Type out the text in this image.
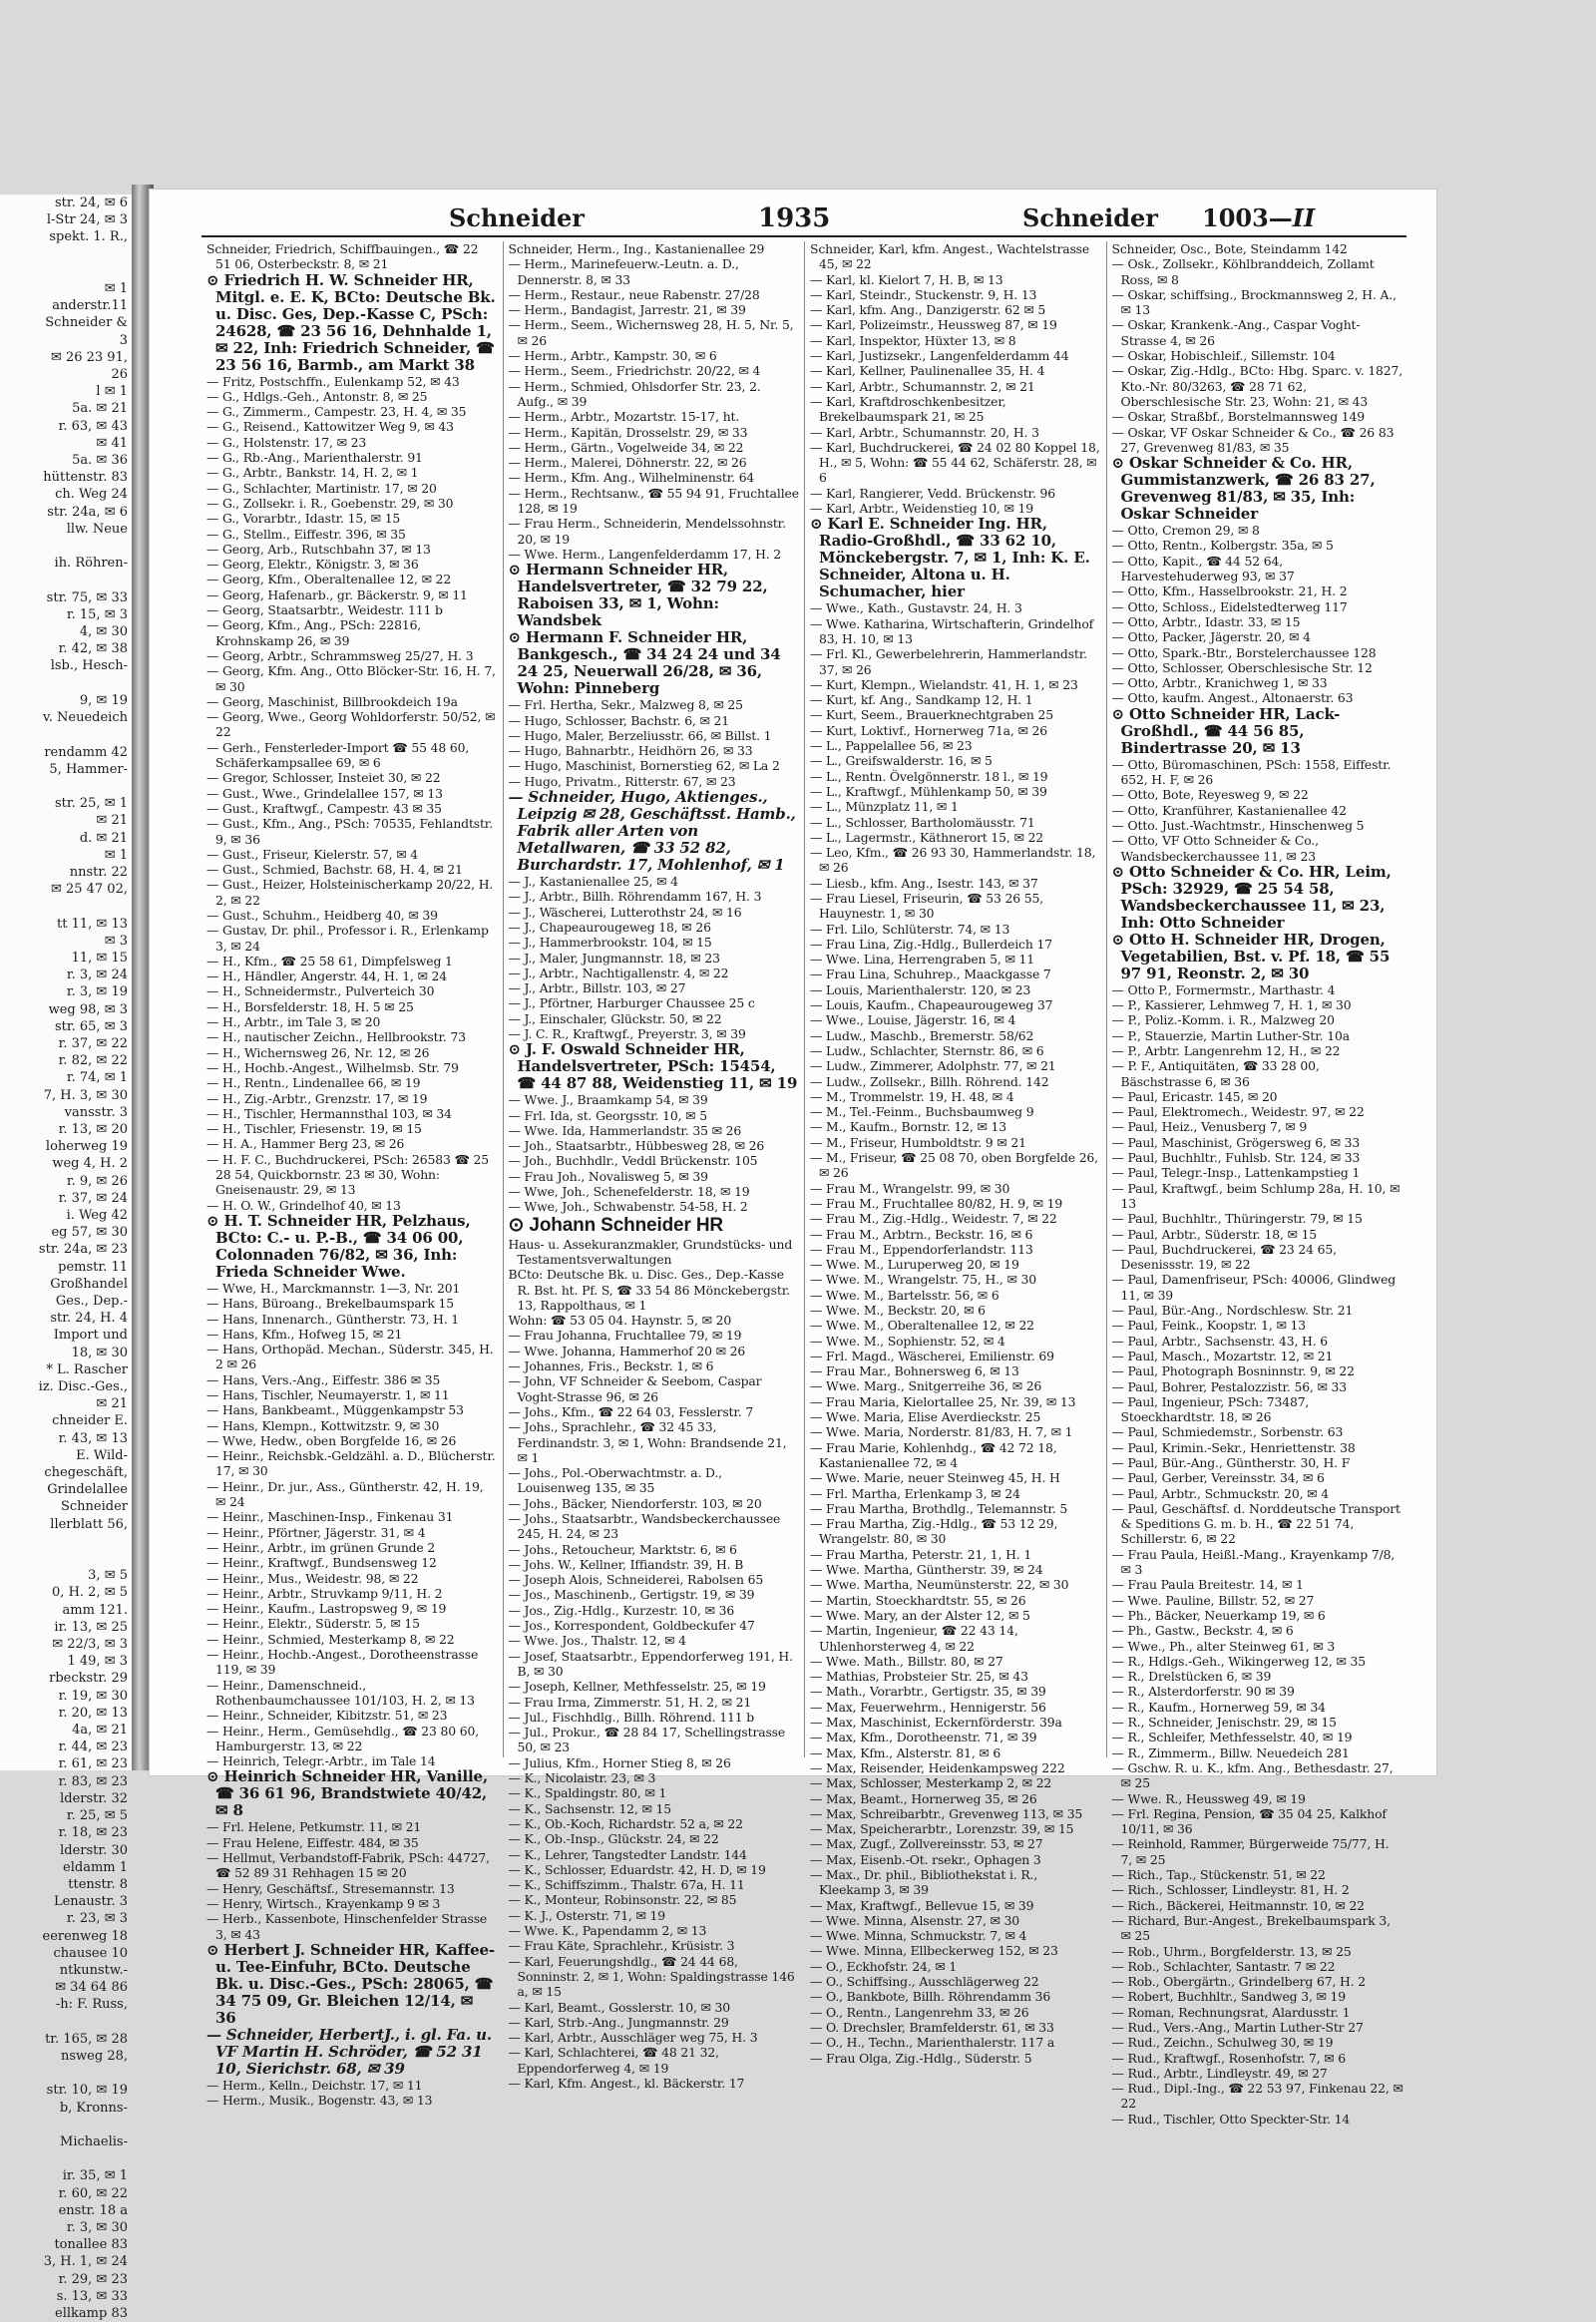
str. 24, ✉ 6
l-Str 24, ✉ 3
spekt. 1. R.,

✉ 1
anderstr.11
Schneider &
3
✉ 26 23 91,
26
l ✉ 1
5a. ✉ 21
r. 63, ✉ 43
✉ 41
5a. ✉ 36
hüttenstr. 83
ch. Weg 24
str. 24a, ✉ 6
llw. Neue

ih. Röhren-

str. 75, ✉ 33
r. 15, ✉ 3
4, ✉ 30
r. 42, ✉ 38
lsb., Hesch-

9, ✉ 19
v. Neuedeich

rendamm 42
5, Hammer-

str. 25, ✉ 1
✉ 21
d. ✉ 21
✉ 1
nnstr. 22
✉ 25 47 02,

tt 11, ✉ 13
✉ 3
11, ✉ 15
r. 3, ✉ 24
r. 3, ✉ 19
weg 98, ✉ 3
str. 65, ✉ 3
r. 37, ✉ 22
r. 82, ✉ 22
r. 74, ✉ 1
7, H. 3, ✉ 30
vansstr. 3
r. 13, ✉ 20
loherweg 19
weg 4, H. 2
r. 9, ✉ 26
r. 37, ✉ 24
i. Weg 42
eg 57, ✉ 30
str. 24a, ✉ 23
pemstr. 11
Großhandel
Ges., Dep.-
str. 24, H. 4
Import und
18, ✉ 30
* L. Rascher
iz. Disc.-Ges.,
✉ 21
chneider E.
r. 43, ✉ 13
E. Wild-
chegeschäft,
Grindelallee
Schneider
llerblatt 56,

3, ✉ 5
0, H. 2, ✉ 5
amm 121.
ir. 13, ✉ 25
✉ 22/3, ✉ 3
1 49, ✉ 3
rbeckstr. 29
r. 19, ✉ 30
r. 20, ✉ 13
4a, ✉ 21
r. 44, ✉ 23
r. 61, ✉ 23
r. 83, ✉ 23
lderstr. 32
r. 25, ✉ 5
r. 18, ✉ 23
lderstr. 30
eldamm 1
ttenstr. 8
Lenaustr. 3
r. 23, ✉ 3
eerenweg 18
chausee 10
ntkunstw.-
✉ 34 64 86
-h: F. Russ,

tr. 165, ✉ 28
nsweg 28,

str. 10, ✉ 19
b, Kronns-

Michaelis-

ir. 35, ✉ 1
r. 60, ✉ 22
enstr. 18 a
r. 3, ✉ 30
tonallee 83
3, H. 1, ✉ 24
r. 29, ✉ 23
s. 13, ✉ 33
ellkamp 83
Schneider	1935	Schneider 1003—II
Schneider, Friedrich, Schiffbauingen., ☎ 22 51 06, Osterbeckstr. 8, ✉ 21
⊙ Friedrich H. W. Schneider HR, Mitgl. e. E. K, BCto: Deutsche Bk. u. Disc. Ges, Dep.-Kasse C, PSch: 24628, ☎ 23 56 16, Dehnhalde 1, ✉ 22, Inh: Friedrich Schneider, ☎ 23 56 16, Barmb., am Markt 38
— Fritz, Postschffn., Eulenkamp 52, ✉ 43
— G., Hdlgs.-Geh., Antonstr. 8, ✉ 25
— G., Zimmerm., Campestr. 23, H. 4, ✉ 35
— G., Reisend., Kattowitzer Weg 9, ✉ 43
— G., Holstenstr. 17, ✉ 23
— G., Rb.-Ang., Marienthalerstr. 91
— G., Arbtr., Bankstr. 14, H. 2, ✉ 1
— G., Schlachter, Martinistr. 17, ✉ 20
— G., Zollsekr. i. R., Goebenstr. 29, ✉ 30
— G., Vorarbtr., Idastr. 15, ✉ 15
— G., Stellm., Eiffestr. 396, ✉ 35
— Georg, Arb., Rutschbahn 37, ✉ 13
— Georg, Elektr., Königstr. 3, ✉ 36
— Georg, Kfm., Oberaltenallee 12, ✉ 22
— Georg, Hafenarb., gr. Bäckerstr. 9, ✉ 11
— Georg, Staatsarbtr., Weidestr. 111 b
— Georg, Kfm., Ang., PSch: 22816, Krohnskamp 26, ✉ 39
— Georg, Arbtr., Schrammsweg 25/27, H. 3
— Georg, Kfm. Ang., Otto Blöcker-Str. 16, H. 7, ✉ 30
— Georg, Maschinist, Billbrookdeich 19a
— Georg, Wwe., Georg Wohldorferstr. 50/52, ✉ 22
— Gerh., Fensterleder-Import ☎ 55 48 60, Schäferkampsallee 69, ✉ 6
— Gregor, Schlosser, Insteiet 30, ✉ 22
— Gust., Wwe., Grindelallee 157, ✉ 13
— Gust., Kraftwgf., Campestr. 43 ✉ 35
— Gust., Kfm., Ang., PSch: 70535, Fehlandtstr. 9, ✉ 36
— Gust., Friseur, Kielerstr. 57, ✉ 4
— Gust., Schmied, Bachstr. 68, H. 4, ✉ 21
— Gust., Heizer, Holsteinischerkamp 20/22, H. 2, ✉ 22
— Gust., Schuhm., Heidberg 40, ✉ 39
— Gustav, Dr. phil., Professor i. R., Erlenkamp 3, ✉ 24
— H., Kfm., ☎ 25 58 61, Dimpfelsweg 1
— H., Händler, Angerstr. 44, H. 1, ✉ 24
— H., Schneidermstr., Pulverteich 30
— H., Borsfelderstr. 18, H. 5 ✉ 25
— H., Arbtr., im Tale 3, ✉ 20
— H., nautischer Zeichn., Hellbrookstr. 73
— H., Wichernsweg 26, Nr. 12, ✉ 26
— H., Hochb.-Angest., Wilhelmsb. Str. 79
— H., Rentn., Lindenallee 66, ✉ 19
— H., Zig.-Arbtr., Grenzstr. 17, ✉ 19
— H., Tischler, Hermannsthal 103, ✉ 34
— H., Tischler, Friesenstr. 19, ✉ 15
— H. A., Hammer Berg 23, ✉ 26
— H. F. C., Buchdruckerei, PSch: 26583 ☎ 25 28 54, Quickbornstr. 23 ✉ 30, Wohn: Gneisenaustr. 29, ✉ 13
— H. O. W., Grindelhof 40, ✉ 13
⊙ H. T. Schneider HR, Pelzhaus, BCto: C.- u. P.-B., ☎ 34 06 00, Colonnaden 76/82, ✉ 36, Inh: Frieda Schneider Wwe.
— Wwe, H., Marckmannstr. 1—3, Nr. 201
— Hans, Büroang., Brekelbaumspark 15
— Hans, Innenarch., Güntherstr. 73, H. 1
— Hans, Kfm., Hofweg 15, ✉ 21
— Hans, Orthopäd. Mechan., Süderstr. 345, H. 2 ✉ 26
— Hans, Vers.-Ang., Eiffestr. 386 ✉ 35
— Hans, Tischler, Neumayerstr. 1, ✉ 11
— Hans, Bankbeamt., Müggenkampstr 53
— Hans, Klempn., Kottwitzstr. 9, ✉ 30
— Wwe, Hedw., oben Borgfelde 16, ✉ 26
— Heinr., Reichsbk.-Geldzähl. a. D., Blücherstr. 17, ✉ 30
— Heinr., Dr. jur., Ass., Güntherstr. 42, H. 19, ✉ 24
— Heinr., Maschinen-Insp., Finkenau 31
— Heinr., Pförtner, Jägerstr. 31, ✉ 4
— Heinr., Arbtr., im grünen Grunde 2
— Heinr., Kraftwgf., Bundsensweg 12
— Heinr., Mus., Weidestr. 98, ✉ 22
— Heinr., Arbtr., Struvkamp 9/11, H. 2
— Heinr., Kaufm., Lastropsweg 9, ✉ 19
— Heinr., Elektr., Süderstr. 5, ✉ 15
— Heinr., Schmied, Mesterkamp 8, ✉ 22
— Heinr., Hochb.-Angest., Dorotheenstrasse 119, ✉ 39
— Heinr., Damenschneid., Rothenbaumchaussee 101/103, H. 2, ✉ 13
— Heinr., Schneider, Kibitzstr. 51, ✉ 23
— Heinr., Herm., Gemüsehdlg., ☎ 23 80 60, Hamburgerstr. 13, ✉ 22
— Heinrich, Telegr.-Arbtr., im Tale 14
⊙ Heinrich Schneider HR, Vanille, ☎ 36 61 96, Brandstwiete 40/42, ✉ 8
— Frl. Helene, Petkumstr. 11, ✉ 21
— Frau Helene, Eiffestr. 484, ✉ 35
— Hellmut, Verbandstoff-Fabrik, PSch: 44727, ☎ 52 89 31 Rehhagen 15 ✉ 20
— Henry, Geschäftsf., Stresemannstr. 13
— Henry, Wirtsch., Krayenkamp 9 ✉ 3
— Herb., Kassenbote, Hinschenfelder Strasse 3, ✉ 43
⊙ Herbert J. Schneider HR, Kaffee- u. Tee-Einfuhr, BCto. Deutsche Bk. u. Disc.-Ges., PSch: 28065, ☎ 34 75 09, Gr. Bleichen 12/14, ✉ 36
— Schneider, HerbertJ., i. gl. Fa. u. VF Martin H. Schröder, ☎ 52 31 10, Sierichstr. 68, ✉ 39
— Herm., Kelln., Deichstr. 17, ✉ 11
— Herm., Musik., Bogenstr. 43, ✉ 13
Schneider, Herm., Ing., Kastanienallee 29
— Herm., Marinefeuerw.-Leutn. a. D., Dennerstr. 8, ✉ 33
— Herm., Restaur., neue Rabenstr. 27/28
— Herm., Bandagist, Jarrestr. 21, ✉ 39
— Herm., Seem., Wichernsweg 28, H. 5, Nr. 5, ✉ 26
— Herm., Arbtr., Kampstr. 30, ✉ 6
— Herm., Seem., Friedrichstr. 20/22, ✉ 4
— Herm., Schmied, Ohlsdorfer Str. 23, 2. Aufg., ✉ 39
— Herm., Arbtr., Mozartstr. 15-17, ht.
— Herm., Kapitän, Drosselstr. 29, ✉ 33
— Herm., Gärtn., Vogelweide 34, ✉ 22
— Herm., Malerei, Döhnerstr. 22, ✉ 26
— Herm., Kfm. Ang., Wilhelminenstr. 64
— Herm., Rechtsanw., ☎ 55 94 91, Fruchtallee 128, ✉ 19
— Frau Herm., Schneiderin, Mendelssohnstr. 20, ✉ 19
— Wwe. Herm., Langenfelderdamm 17, H. 2
⊙ Hermann Schneider HR, Handelsvertreter, ☎ 32 79 22, Raboisen 33, ✉ 1, Wohn: Wandsbek
⊙ Hermann F. Schneider HR, Bankgesch., ☎ 34 24 24 und 34 24 25, Neuerwall 26/28, ✉ 36, Wohn: Pinneberg
— Frl. Hertha, Sekr., Malzweg 8, ✉ 25
— Hugo, Schlosser, Bachstr. 6, ✉ 21
— Hugo, Maler, Berzeliusstr. 66, ✉ Billst. 1
— Hugo, Bahnarbtr., Heidhörn 26, ✉ 33
— Hugo, Maschinist, Bornerstieg 62, ✉ La 2
— Hugo, Privatm., Ritterstr. 67, ✉ 23
— Schneider, Hugo, Aktienges., Leipzig ✉ 28, Geschäftsst. Hamb., Fabrik aller Arten von Metallwaren, ☎ 33 52 82, Burchardstr. 17, Mohlenhof, ✉ 1
— J., Kastanienallee 25, ✉ 4
— J., Arbtr., Billh. Röhrendamm 167, H. 3
— J., Wäscherei, Lutterothstr 24, ✉ 16
— J., Chapeaurougeweg 18, ✉ 26
— J., Hammerbrookstr. 104, ✉ 15
— J., Maler, Jungmannstr. 18, ✉ 23
— J., Arbtr., Nachtigallenstr. 4, ✉ 22
— J., Arbtr., Billstr. 103, ✉ 27
— J., Pförtner, Harburger Chaussee 25 c
— J., Einschaler, Glückstr. 50, ✉ 22
— J. C. R., Kraftwgf., Preyerstr. 3, ✉ 39
⊙ J. F. Oswald Schneider HR, Handelsvertreter, PSch: 15454, ☎ 44 87 88, Weidenstieg 11, ✉ 19
— Wwe. J., Braamkamp 54, ✉ 39
— Frl. Ida, st. Georgsstr. 10, ✉ 5
— Wwe. Ida, Hammerlandstr. 35 ✉ 26
— Joh., Staatsarbtr., Hübbesweg 28, ✉ 26
— Joh., Buchhdlr., Veddl Brückenstr. 105
— Frau Joh., Novalisweg 5, ✉ 39
— Wwe, Joh., Schenefelderstr. 18, ✉ 19
— Wwe, Joh., Schwabenstr. 54-58, H. 2
⊙ Johann Schneider HR
Haus- u. Assekuranzmakler, Grundstücks- und Testamentsverwaltungen
BCto: Deutsche Bk. u. Disc. Ges., Dep.-Kasse R. Bst. ht. Pf. S, ☎ 33 54 86 Mönckebergstr. 13, Rappolthaus, ✉ 1
Wohn: ☎ 53 05 04. Haynstr. 5, ✉ 20
— Frau Johanna, Fruchtallee 79, ✉ 19
— Wwe. Johanna, Hammerhof 20 ✉ 26
— Johannes, Fris., Beckstr. 1, ✉ 6
— John, VF Schneider & Seebom, Caspar Voght-Strasse 96, ✉ 26
— Johs., Kfm., ☎ 22 64 03, Fesslerstr. 7
— Johs., Sprachlehr., ☎ 32 45 33, Ferdinandstr. 3, ✉ 1, Wohn: Brandsende 21, ✉ 1
— Johs., Pol.-Oberwachtmstr. a. D., Louisenweg 135, ✉ 35
— Johs., Bäcker, Niendorferstr. 103, ✉ 20
— Johs., Staatsarbtr., Wandsbeckerchaussee 245, H. 24, ✉ 23
— Johs., Retoucheur, Marktstr. 6, ✉ 6
— Johs. W., Kellner, Iffiandstr. 39, H. B
— Joseph Alois, Schneiderei, Rabolsen 65
— Jos., Maschinenb., Gertigstr. 19, ✉ 39
— Jos., Zig.-Hdlg., Kurzestr. 10, ✉ 36
— Jos., Korrespondent, Goldbeckufer 47
— Wwe. Jos., Thalstr. 12, ✉ 4
— Josef, Staatsarbtr., Eppendorferweg 191, H. B, ✉ 30
— Joseph, Kellner, Methfesselstr. 25, ✉ 19
— Frau Irma, Zimmerstr. 51, H. 2, ✉ 21
— Jul., Fischhdlg., Billh. Röhrend. 111 b
— Jul., Prokur., ☎ 28 84 17, Schellingstrasse 50, ✉ 23
— Julius, Kfm., Horner Stieg 8, ✉ 26
— K., Nicolaistr. 23, ✉ 3
— K., Spaldingstr. 80, ✉ 1
— K., Sachsenstr. 12, ✉ 15
— K., Ob.-Koch, Richardstr. 52 a, ✉ 22
— K., Ob.-Insp., Glückstr. 24, ✉ 22
— K., Lehrer, Tangstedter Landstr. 144
— K., Schlosser, Eduardstr. 42, H. D, ✉ 19
— K., Schiffszimm., Thalstr. 67a, H. 11
— K., Monteur, Robinsonstr. 22, ✉ 85
— K. J., Osterstr. 71, ✉ 19
— Wwe. K., Papendamm 2, ✉ 13
— Frau Käte, Sprachlehr., Krüsistr. 3
— Karl, Feuerungshdlg., ☎ 24 44 68, Sonninstr. 2, ✉ 1, Wohn: Spaldingstrasse 146 a, ✉ 15
— Karl, Beamt., Gosslerstr. 10, ✉ 30
— Karl, Strb.-Ang., Jungmannstr. 29
— Karl, Arbtr., Ausschläger weg 75, H. 3
— Karl, Schlachterei, ☎ 48 21 32, Eppendorferweg 4, ✉ 19
— Karl, Kfm. Angest., kl. Bäckerstr. 17
Schneider, Karl, kfm. Angest., Wachtelstrasse 45, ✉ 22
— Karl, kl. Kielort 7, H. B, ✉ 13
— Karl, Steindr., Stuckenstr. 9, H. 13
— Karl, kfm. Ang., Danzigerstr. 62 ✉ 5
— Karl, Polizeimstr., Heussweg 87, ✉ 19
— Karl, Inspektor, Hüxter 13, ✉ 8
— Karl, Justizsekr., Langenfelderdamm 44
— Karl, Kellner, Paulinenallee 35, H. 4
— Karl, Arbtr., Schumannstr. 2, ✉ 21
— Karl, Kraftdroschkenbesitzer, Brekelbaumspark 21, ✉ 25
— Karl, Arbtr., Schumannstr. 20, H. 3
— Karl, Buchdruckerei, ☎ 24 02 80 Koppel 18, H., ✉ 5, Wohn: ☎ 55 44 62, Schäferstr. 28, ✉ 6
— Karl, Rangierer, Vedd. Brückenstr. 96
— Karl, Arbtr., Weidenstieg 10, ✉ 19
⊙ Karl E. Schneider Ing. HR, Radio-Großhdl., ☎ 33 62 10, Mönckebergstr. 7, ✉ 1, Inh: K. E. Schneider, Altona u. H. Schumacher, hier
— Wwe., Kath., Gustavstr. 24, H. 3
— Wwe. Katharina, Wirtschafterin, Grindelhof 83, H. 10, ✉ 13
— Frl. Kl., Gewerbelehrerin, Hammerlandstr. 37, ✉ 26
— Kurt, Klempn., Wielandstr. 41, H. 1, ✉ 23
— Kurt, kf. Ang., Sandkamp 12, H. 1
— Kurt, Seem., Brauerknechtgraben 25
— Kurt, Loktivf., Hornerweg 71a, ✉ 26
— L., Pappelallee 56, ✉ 23
— L., Greifswalderstr. 16, ✉ 5
— L., Rentn. Övelgönnerstr. 18 l., ✉ 19
— L., Kraftwgf., Mühlenkamp 50, ✉ 39
— L., Münzplatz 11, ✉ 1
— L., Schlosser, Bartholomäusstr. 71
— L., Lagermstr., Käthnerort 15, ✉ 22
— Leo, Kfm., ☎ 26 93 30, Hammerlandstr. 18, ✉ 26
— Liesb., kfm. Ang., Isestr. 143, ✉ 37
— Frau Liesel, Friseurin, ☎ 53 26 55, Hauynestr. 1, ✉ 30
— Frl. Lilo, Schlüterstr. 74, ✉ 13
— Frau Lina, Zig.-Hdlg., Bullerdeich 17
— Wwe. Lina, Herrengraben 5, ✉ 11
— Frau Lina, Schuhrep., Maackgasse 7
— Louis, Marienthalerstr. 120, ✉ 23
— Louis, Kaufm., Chapeaurougeweg 37
— Wwe., Louise, Jägerstr. 16, ✉ 4
— Ludw., Maschb., Bremerstr. 58/62
— Ludw., Schlachter, Sternstr. 86, ✉ 6
— Ludw., Zimmerer, Adolphstr. 77, ✉ 21
— Ludw., Zollsekr., Billh. Röhrend. 142
— M., Trommelstr. 19, H. 48, ✉ 4
— M., Tel.-Feinm., Buchsbaumweg 9
— M., Kaufm., Bornstr. 12, ✉ 13
— M., Friseur, Humboldtstr. 9 ✉ 21
— M., Friseur, ☎ 25 08 70, oben Borgfelde 26, ✉ 26
— Frau M., Wrangelstr. 99, ✉ 30
— Frau M., Fruchtallee 80/82, H. 9, ✉ 19
— Frau M., Zig.-Hdlg., Weidestr. 7, ✉ 22
— Frau M., Arbtrn., Beckstr. 16, ✉ 6
— Frau M., Eppendorferlandstr. 113
— Wwe. M., Luruperweg 20, ✉ 19
— Wwe. M., Wrangelstr. 75, H., ✉ 30
— Wwe. M., Bartelsstr. 56, ✉ 6
— Wwe. M., Beckstr. 20, ✉ 6
— Wwe. M., Oberaltenallee 12, ✉ 22
— Wwe. M., Sophienstr. 52, ✉ 4
— Frl. Magd., Wäscherei, Emilienstr. 69
— Frau Mar., Bohnersweg 6, ✉ 13
— Wwe. Marg., Snitgerreihe 36, ✉ 26
— Frau Maria, Kielortallee 25, Nr. 39, ✉ 13
— Wwe. Maria, Elise Averdieckstr. 25
— Wwe. Maria, Norderstr. 81/83, H. 7, ✉ 1
— Frau Marie, Kohlenhdg., ☎ 42 72 18, Kastanienallee 72, ✉ 4
— Wwe. Marie, neuer Steinweg 45, H. H
— Frl. Martha, Erlenkamp 3, ✉ 24
— Frau Martha, Brothdlg., Telemannstr. 5
— Frau Martha, Zig.-Hdlg., ☎ 53 12 29, Wrangelstr. 80, ✉ 30
— Frau Martha, Peterstr. 21, 1, H. 1
— Wwe. Martha, Güntherstr. 39, ✉ 24
— Wwe. Martha, Neumünsterstr. 22, ✉ 30
— Martin, Stoeckhardtstr. 55, ✉ 26
— Wwe. Mary, an der Alster 12, ✉ 5
— Martin, Ingenieur, ☎ 22 43 14, Uhlenhorsterweg 4, ✉ 22
— Wwe. Math., Billstr. 80, ✉ 27
— Mathias, Probsteier Str. 25, ✉ 43
— Math., Vorarbtr., Gertigstr. 35, ✉ 39
— Max, Feuerwehrm., Hennigerstr. 56
— Max, Maschinist, Eckernförderstr. 39a
— Max, Kfm., Dorotheenstr. 71, ✉ 39
— Max, Kfm., Alsterstr. 81, ✉ 6
— Max, Reisender, Heidenkampsweg 222
— Max, Schlosser, Mesterkamp 2, ✉ 22
— Max, Beamt., Hornerweg 35, ✉ 26
— Max, Schreibarbtr., Grevenweg 113, ✉ 35
— Max, Speicherarbtr., Lorenzstr. 39, ✉ 15
— Max, Zugf., Zollvereinsstr. 53, ✉ 27
— Max, Eisenb.-Ot. rsekr., Ophagen 3
— Max., Dr. phil., Bibliothekstat i. R., Kleekamp 3, ✉ 39
— Max, Kraftwgf., Bellevue 15, ✉ 39
— Wwe. Minna, Alsenstr. 27, ✉ 30
— Wwe. Minna, Schmuckstr. 7, ✉ 4
— Wwe. Minna, Ellbeckerweg 152, ✉ 23
— O., Eckhofstr. 24, ✉ 1
— O., Schiffsing., Ausschlägerweg 22
— O., Bankbote, Billh. Röhrendamm 36
— O., Rentn., Langenrehm 33, ✉ 26
— O. Drechsler, Bramfelderstr. 61, ✉ 33
— O., H., Techn., Marienthalerstr. 117 a
— Frau Olga, Zig.-Hdlg., Süderstr. 5
Schneider, Osc., Bote, Steindamm 142
— Osk., Zollsekr., Köhlbranddeich, Zollamt Ross, ✉ 8
— Oskar, schiffsing., Brockmannsweg 2, H. A., ✉ 13
— Oskar, Krankenk.-Ang., Caspar Voght-Strasse 4, ✉ 26
— Oskar, Hobischleif., Sillemstr. 104
— Oskar, Zig.-Hdlg., BCto: Hbg. Sparc. v. 1827, Kto.-Nr. 80/3263, ☎ 28 71 62, Oberschlesische Str. 23, Wohn: 21, ✉ 43
— Oskar, Straßbf., Borstelmannsweg 149
— Oskar, VF Oskar Schneider & Co., ☎ 26 83 27, Grevenweg 81/83, ✉ 35
⊙ Oskar Schneider & Co. HR, Gummistanzwerk, ☎ 26 83 27, Grevenweg 81/83, ✉ 35, Inh: Oskar Schneider
— Otto, Cremon 29, ✉ 8
— Otto, Rentn., Kolbergstr. 35a, ✉ 5
— Otto, Kapit., ☎ 44 52 64, Harvestehuderweg 93, ✉ 37
— Otto, Kfm., Hasselbrookstr. 21, H. 2
— Otto, Schloss., Eidelstedterweg 117
— Otto, Arbtr., Idastr. 33, ✉ 15
— Otto, Packer, Jägerstr. 20, ✉ 4
— Otto, Spark.-Btr., Borstelerchaussee 128
— Otto, Schlosser, Oberschlesische Str. 12
— Otto, Arbtr., Kranichweg 1, ✉ 33
— Otto, kaufm. Angest., Altonaerstr. 63
⊙ Otto Schneider HR, Lack-Großhdl., ☎ 44 56 85, Bindertrasse 20, ✉ 13
— Otto, Büromaschinen, PSch: 1558, Eiffestr. 652, H. F, ✉ 26
— Otto, Bote, Reyesweg 9, ✉ 22
— Otto, Kranführer, Kastanienallee 42
— Otto. Just.-Wachtmstr., Hinschenweg 5
— Otto, VF Otto Schneider & Co., Wandsbeckerchaussee 11, ✉ 23
⊙ Otto Schneider & Co. HR, Leim, PSch: 32929, ☎ 25 54 58, Wandsbeckerchaussee 11, ✉ 23, Inh: Otto Schneider
⊙ Otto H. Schneider HR, Drogen, Vegetabilien, Bst. v. Pf. 18, ☎ 55 97 91, Reonstr. 2, ✉ 30
— Otto P., Formermstr., Marthastr. 4
— P., Kassierer, Lehmweg 7, H. 1, ✉ 30
— P., Poliz.-Komm. i. R., Malzweg 20
— P., Stauerzie, Martin Luther-Str. 10a
— P., Arbtr. Langenrehm 12, H., ✉ 22
— P. F., Antiquitäten, ☎ 33 28 00, Bäschstrasse 6, ✉ 36
— Paul, Ericastr. 145, ✉ 20
— Paul, Elektromech., Weidestr. 97, ✉ 22
— Paul, Heiz., Venusberg 7, ✉ 9
— Paul, Maschinist, Grögersweg 6, ✉ 33
— Paul, Buchhltr., Fuhlsb. Str. 124, ✉ 33
— Paul, Telegr.-Insp., Lattenkampstieg 1
— Paul, Kraftwgf., beim Schlump 28a, H. 10, ✉ 13
— Paul, Buchhltr., Thüringerstr. 79, ✉ 15
— Paul, Arbtr., Süderstr. 18, ✉ 15
— Paul, Buchdruckerei, ☎ 23 24 65, Desenissstr. 19, ✉ 22
— Paul, Damenfriseur, PSch: 40006, Glindweg 11, ✉ 39
— Paul, Bür.-Ang., Nordschlesw. Str. 21
— Paul, Feink., Koopstr. 1, ✉ 13
— Paul, Arbtr., Sachsenstr. 43, H. 6
— Paul, Masch., Mozartstr. 12, ✉ 21
— Paul, Photograph Bosninnstr. 9, ✉ 22
— Paul, Bohrer, Pestalozzistr. 56, ✉ 33
— Paul, Ingenieur, PSch: 73487, Stoeckhardtstr. 18, ✉ 26
— Paul, Schmiedemstr., Sorbenstr. 63
— Paul, Krimin.-Sekr., Henriettenstr. 38
— Paul, Bür.-Ang., Güntherstr. 30, H. F
— Paul, Gerber, Vereinsstr. 34, ✉ 6
— Paul, Arbtr., Schmuckstr. 20, ✉ 4
— Paul, Geschäftsf. d. Norddeutsche Transport & Speditions G. m. b. H., ☎ 22 51 74, Schillerstr. 6, ✉ 22
— Frau Paula, Heißl.-Mang., Krayenkamp 7/8, ✉ 3
— Frau Paula Breitestr. 14, ✉ 1
— Wwe. Pauline, Billstr. 52, ✉ 27
— Ph., Bäcker, Neuerkamp 19, ✉ 6
— Ph., Gastw., Beckstr. 4, ✉ 6
— Wwe., Ph., alter Steinweg 61, ✉ 3
— R., Hdlgs.-Geh., Wikingerweg 12, ✉ 35
— R., Drelstücken 6, ✉ 39
— R., Alsterdorferstr. 90 ✉ 39
— R., Kaufm., Hornerweg 59, ✉ 34
— R., Schneider, Jenischstr. 29, ✉ 15
— R., Schleifer, Methfesselstr. 40, ✉ 19
— R., Zimmerm., Billw. Neuedeich 281
— Gschw. R. u. K., kfm. Ang., Bethesdastr. 27, ✉ 25
— Wwe. R., Heussweg 49, ✉ 19
— Frl. Regina, Pension, ☎ 35 04 25, Kalkhof 10/11, ✉ 36
— Reinhold, Rammer, Bürgerweide 75/77, H. 7, ✉ 25
— Rich., Tap., Stückenstr. 51, ✉ 22
— Rich., Schlosser, Lindleystr. 81, H. 2
— Rich., Bäckerei, Heitmannstr. 10, ✉ 22
— Richard, Bur.-Angest., Brekelbaumspark 3, ✉ 25
— Rob., Uhrm., Borgfelderstr. 13, ✉ 25
— Rob., Schlachter, Santastr. 7 ✉ 22
— Rob., Obergärtn., Grindelberg 67, H. 2
— Robert, Buchhltr., Sandweg 3, ✉ 19
— Roman, Rechnungsrat, Alardusstr. 1
— Rud., Vers.-Ang., Martin Luther-Str 27
— Rud., Zeichn., Schulweg 30, ✉ 19
— Rud., Kraftwgf., Rosenhofstr. 7, ✉ 6
— Rud., Arbtr., Lindleystr. 49, ✉ 27
— Rud., Dipl.-Ing., ☎ 22 53 97, Finkenau 22, ✉ 22
— Rud., Tischler, Otto Speckter-Str. 14
